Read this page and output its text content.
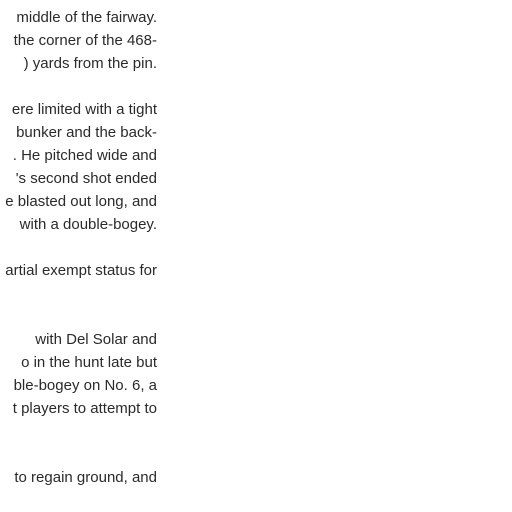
middle of the fairway.
the corner of the 468-
) yards from the pin.

ere limited with a tight
bunker and the back-
. He pitched wide and
's second shot ended
e blasted out long, and
with a double-bogey.

artial exempt status for

with Del Solar and
o in the hunt late but
ble-bogey on No. 6, a
t players to attempt to

to regain ground, and
